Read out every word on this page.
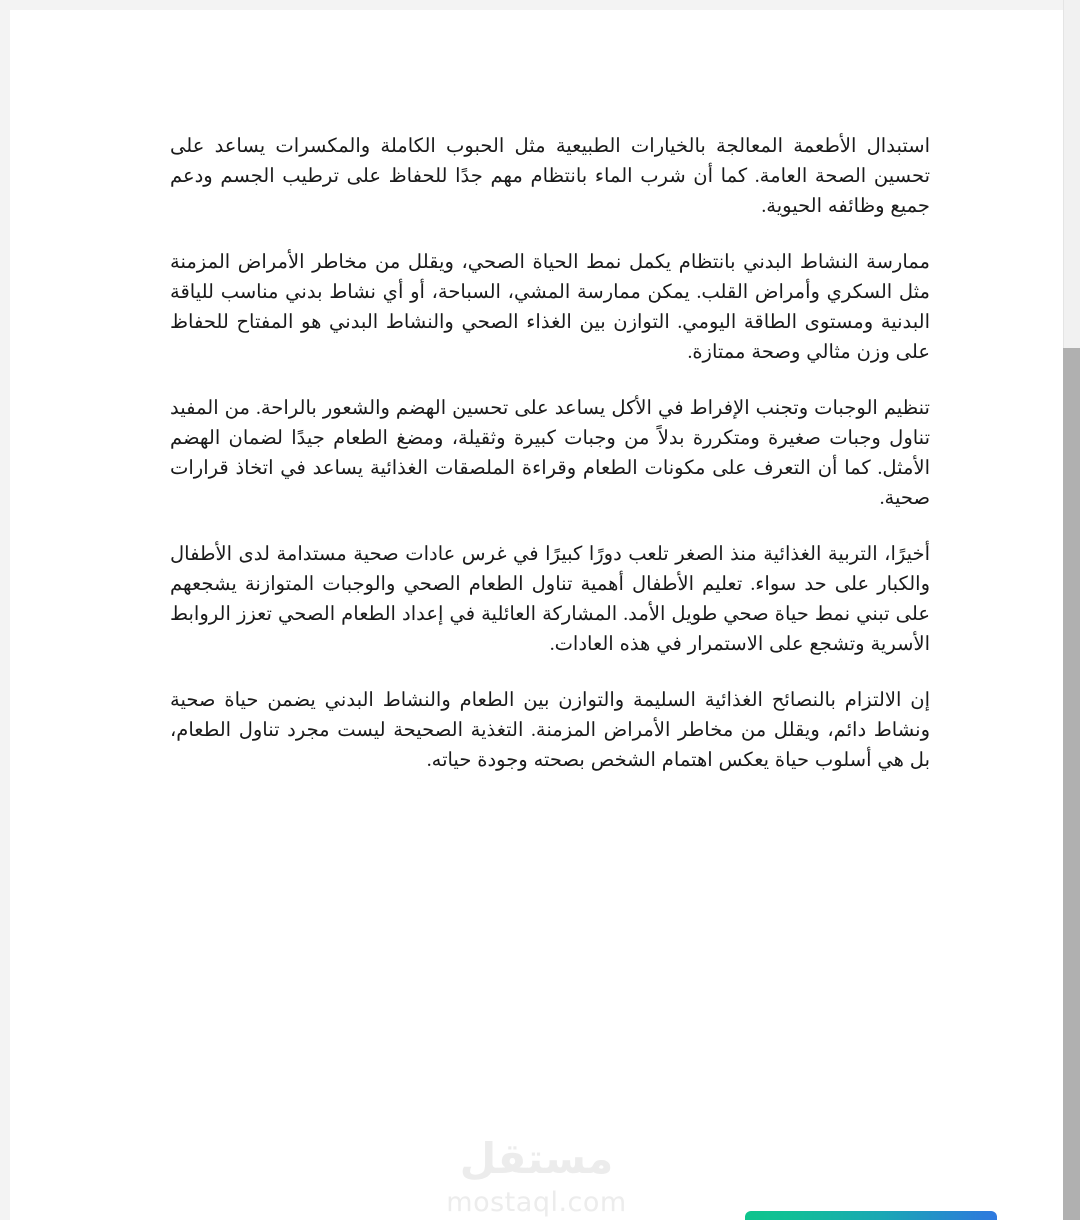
استبدال الأطعمة المعالجة بالخيارات الطبيعية مثل الحبوب الكاملة والمكسرات يساعد على تحسين الصحة العامة. كما أن شرب الماء بانتظام مهم جدًا للحفاظ على ترطيب الجسم ودعم جميع وظائفه الحيوية.

ممارسة النشاط البدني بانتظام يكمل نمط الحياة الصحي، ويقلل من مخاطر الأمراض المزمنة مثل السكري وأمراض القلب. يمكن ممارسة المشي، السباحة، أو أي نشاط بدني مناسب للياقة البدنية ومستوى الطاقة اليومي. التوازن بين الغذاء الصحي والنشاط البدني هو المفتاح للحفاظ على وزن مثالي وصحة ممتازة.

تنظيم الوجبات وتجنب الإفراط في الأكل يساعد على تحسين الهضم والشعور بالراحة. من المفيد تناول وجبات صغيرة ومتكررة بدلاً من وجبات كبيرة وثقيلة، ومضغ الطعام جيدًا لضمان الهضم الأمثل. كما أن التعرف على مكونات الطعام وقراءة الملصقات الغذائية يساعد في اتخاذ قرارات صحية.

أخيرًا، التربية الغذائية منذ الصغر تلعب دورًا كبيرًا في غرس عادات صحية مستدامة لدى الأطفال والكبار على حد سواء. تعليم الأطفال أهمية تناول الطعام الصحي والوجبات المتوازنة يشجعهم على تبني نمط حياة صحي طويل الأمد. المشاركة العائلية في إعداد الطعام الصحي تعزز الروابط الأسرية وتشجع على الاستمرار في هذه العادات.

إن الالتزام بالنصائح الغذائية السليمة والتوازن بين الطعام والنشاط البدني يضمن حياة صحية ونشاط دائم، ويقلل من مخاطر الأمراض المزمنة. التغذية الصحيحة ليست مجرد تناول الطعام، بل هي أسلوب حياة يعكس اهتمام الشخص بصحته وجودة حياته.

مستقل
mostaql.com
